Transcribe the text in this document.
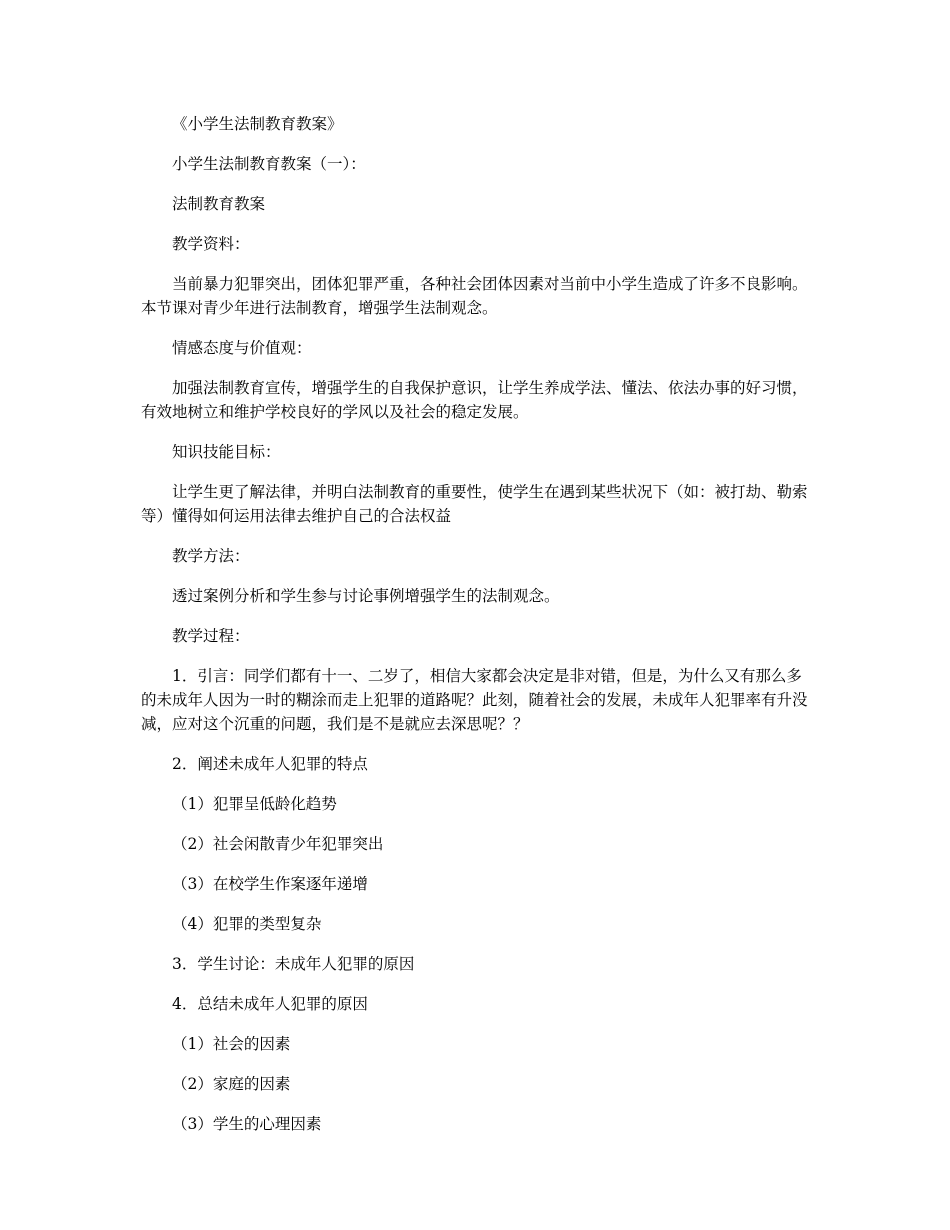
《小学生法制教育教案》

小学生法制教育教案（一）：

法制教育教案

教学资料：

当前暴力犯罪突出，团体犯罪严重，各种社会团体因素对当前中小学生造成了许多不良影响。本节课对青少年进行法制教育，增强学生法制观念。

情感态度与价值观：

加强法制教育宣传，增强学生的自我保护意识，让学生养成学法、懂法、依法办事的好习惯，有效地树立和维护学校良好的学风以及社会的稳定发展。

知识技能目标：

让学生更了解法律，并明白法制教育的重要性，使学生在遇到某些状况下（如：被打劫、勒索等）懂得如何运用法律去维护自己的合法权益

教学方法：

透过案例分析和学生参与讨论事例增强学生的法制观念。

教学过程：

1．引言：同学们都有十一、二岁了，相信大家都会决定是非对错，但是，为什么又有那么多的未成年人因为一时的糊涂而走上犯罪的道路呢？此刻，随着社会的发展，未成年人犯罪率有升没减，应对这个沉重的问题，我们是不是就应去深思呢？？

2．阐述未成年人犯罪的特点

（1）犯罪呈低龄化趋势

（2）社会闲散青少年犯罪突出

（3）在校学生作案逐年递增

（4）犯罪的类型复杂

3．学生讨论：未成年人犯罪的原因

4．总结未成年人犯罪的原因

（1）社会的因素

（2）家庭的因素

（3）学生的心理因素
